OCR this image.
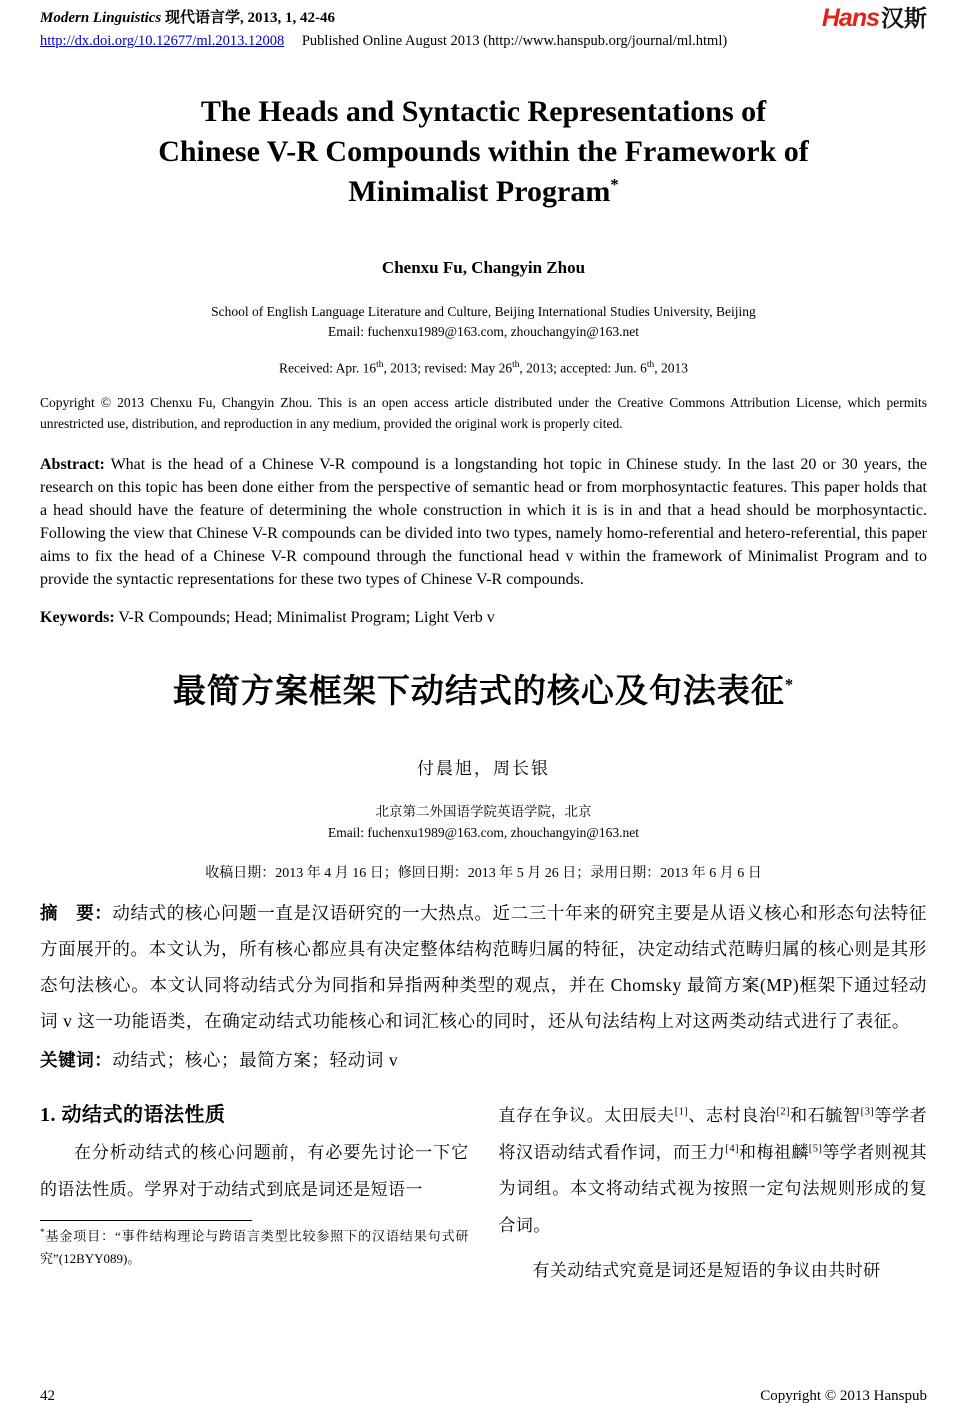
Modern Linguistics 现代语言学, 2013, 1, 42-46	Hans汉斯
http://dx.doi.org/10.12677/ml.2013.12008 Published Online August 2013 (http://www.hanspub.org/journal/ml.html)
The Heads and Syntactic Representations of
Chinese V-R Compounds within the Framework of
Minimalist Program*

Chenxu Fu, Changyin Zhou

School of English Language Literature and Culture, Beijing International Studies University, Beijing
Email: fuchenxu1989@163.com, zhouchangyin@163.net

Received: Apr. 16th, 2013; revised: May 26th, 2013; accepted: Jun. 6th, 2013

Copyright © 2013 Chenxu Fu, Changyin Zhou. This is an open access article distributed under the Creative Commons Attribution License, which permits unrestricted use, distribution, and reproduction in any medium, provided the original work is properly cited.

Abstract: What is the head of a Chinese V-R compound is a longstanding hot topic in Chinese study. In the last 20 or 30 years, the research on this topic has been done either from the perspective of semantic head or from morphosyntactic features. This paper holds that a head should have the feature of determining the whole construction in which it is is in and that a head should be morphosyntactic. Following the view that Chinese V-R compounds can be divided into two types, namely homo-referential and hetero-referential, this paper aims to fix the head of a Chinese V-R compound through the functional head v within the framework of Minimalist Program and to provide the syntactic representations for these two types of Chinese V-R compounds.

Keywords: V-R Compounds; Head; Minimalist Program; Light Verb v

最简方案框架下动结式的核心及句法表征*

付晨旭，周长银

北京第二外国语学院英语学院，北京
Email: fuchenxu1989@163.com, zhouchangyin@163.net

收稿日期：2013 年 4 月 16 日；修回日期：2013 年 5 月 26 日；录用日期：2013 年 6 月 6 日

摘　要：动结式的核心问题一直是汉语研究的一大热点。近二三十年来的研究主要是从语义核心和形态句法特征方面展开的。本文认为，所有核心都应具有决定整体结构范畴归属的特征，决定动结式范畴归属的核心则是其形态句法核心。本文认同将动结式分为同指和异指两种类型的观点，并在 Chomsky 最简方案(MP)框架下通过轻动词 v 这一功能语类，在确定动结式功能核心和词汇核心的同时，还从句法结构上对这两类动结式进行了表征。

关键词：动结式；核心；最简方案；轻动词 v

1. 动结式的语法性质

在分析动结式的核心问题前，有必要先讨论一下它的语法性质。学界对于动结式到底是词还是短语一

*基金项目：“事件结构理论与跨语言类型比较参照下的汉语结果句式研究”(12BYY089)。

直存在争议。太田辰夫[1]、志村良治[2]和石毓智[3]等学者将汉语动结式看作词，而王力[4]和梅祖麟[5]等学者则视其为词组。本文将动结式视为按照一定句法规则形成的复合词。

有关动结式究竟是词还是短语的争议由共时研

42	Copyright © 2013 Hanspub
